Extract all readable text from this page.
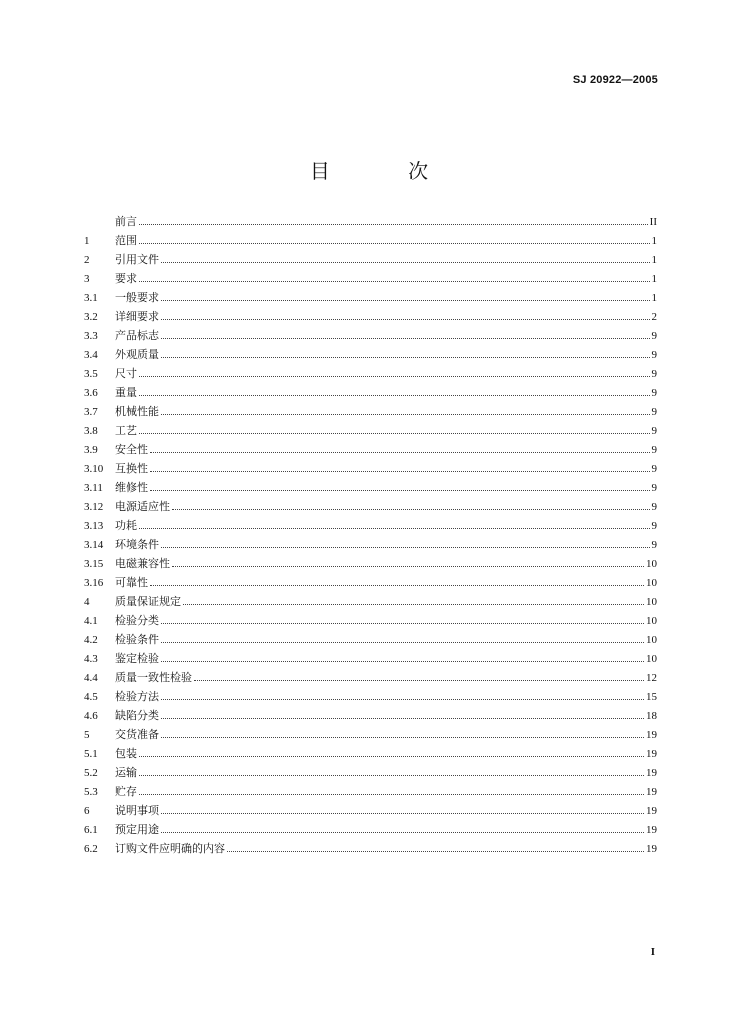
SJ 20922—2005
目 次
前言	II
1	范围	1
2	引用文件	1
3	要求	1
3.1	一般要求	1
3.2	详细要求	2
3.3	产品标志	9
3.4	外观质量	9
3.5	尺寸	9
3.6	重量	9
3.7	机械性能	9
3.8	工艺	9
3.9	安全性	9
3.10	互换性	9
3.11	维修性	9
3.12	电源适应性	9
3.13	功耗	9
3.14	环境条件	9
3.15	电磁兼容性	10
3.16	可靠性	10
4	质量保证规定	10
4.1	检验分类	10
4.2	检验条件	10
4.3	鉴定检验	10
4.4	质量一致性检验	12
4.5	检验方法	15
4.6	缺陷分类	18
5	交货准备	19
5.1	包装	19
5.2	运输	19
5.3	贮存	19
6	说明事项	19
6.1	预定用途	19
6.2	订购文件应明确的内容	19
I
